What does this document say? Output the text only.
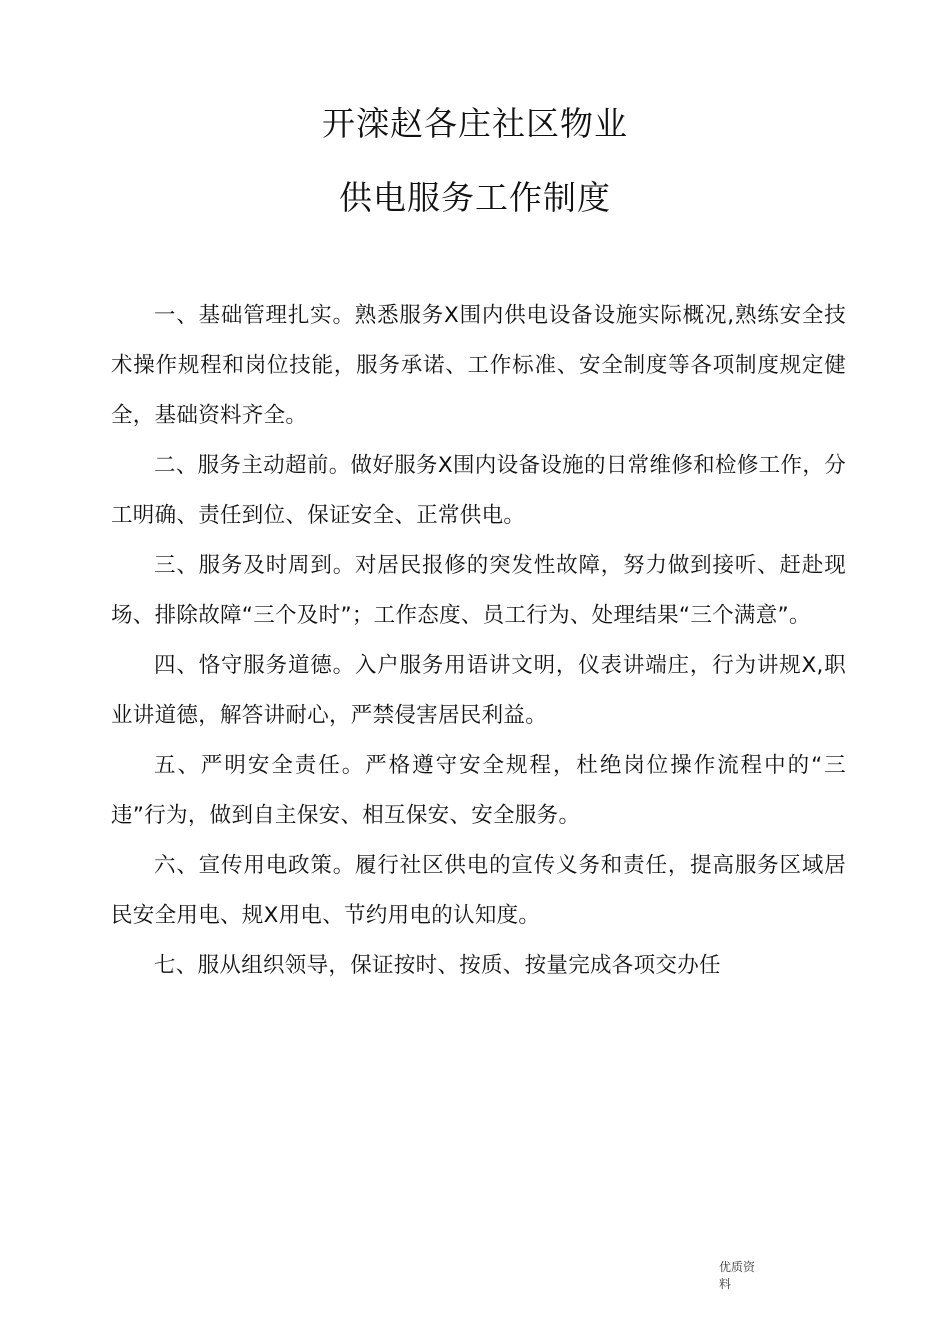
开滦赵各庄社区物业
供电服务工作制度

一、基础管理扎实。熟悉服务X围内供电设备设施实际概况,熟练安全技术操作规程和岗位技能，服务承诺、工作标准、安全制度等各项制度规定健全，基础资料齐全。

二、服务主动超前。做好服务X围内设备设施的日常维修和检修工作，分工明确、责任到位、保证安全、正常供电。

三、服务及时周到。对居民报修的突发性故障，努力做到接听、赶赴现场、排除故障“三个及时”；工作态度、员工行为、处理结果“三个满意”。

四、恪守服务道德。入户服务用语讲文明，仪表讲端庄，行为讲规X,职业讲道德，解答讲耐心，严禁侵害居民利益。

五、严明安全责任。严格遵守安全规程，杜绝岗位操作流程中的“三违”行为，做到自主保安、相互保安、安全服务。

六、宣传用电政策。履行社区供电的宣传义务和责任，提高服务区域居民安全用电、规X用电、节约用电的认知度。

七、服从组织领导，保证按时、按质、按量完成各项交办任

优质资料
